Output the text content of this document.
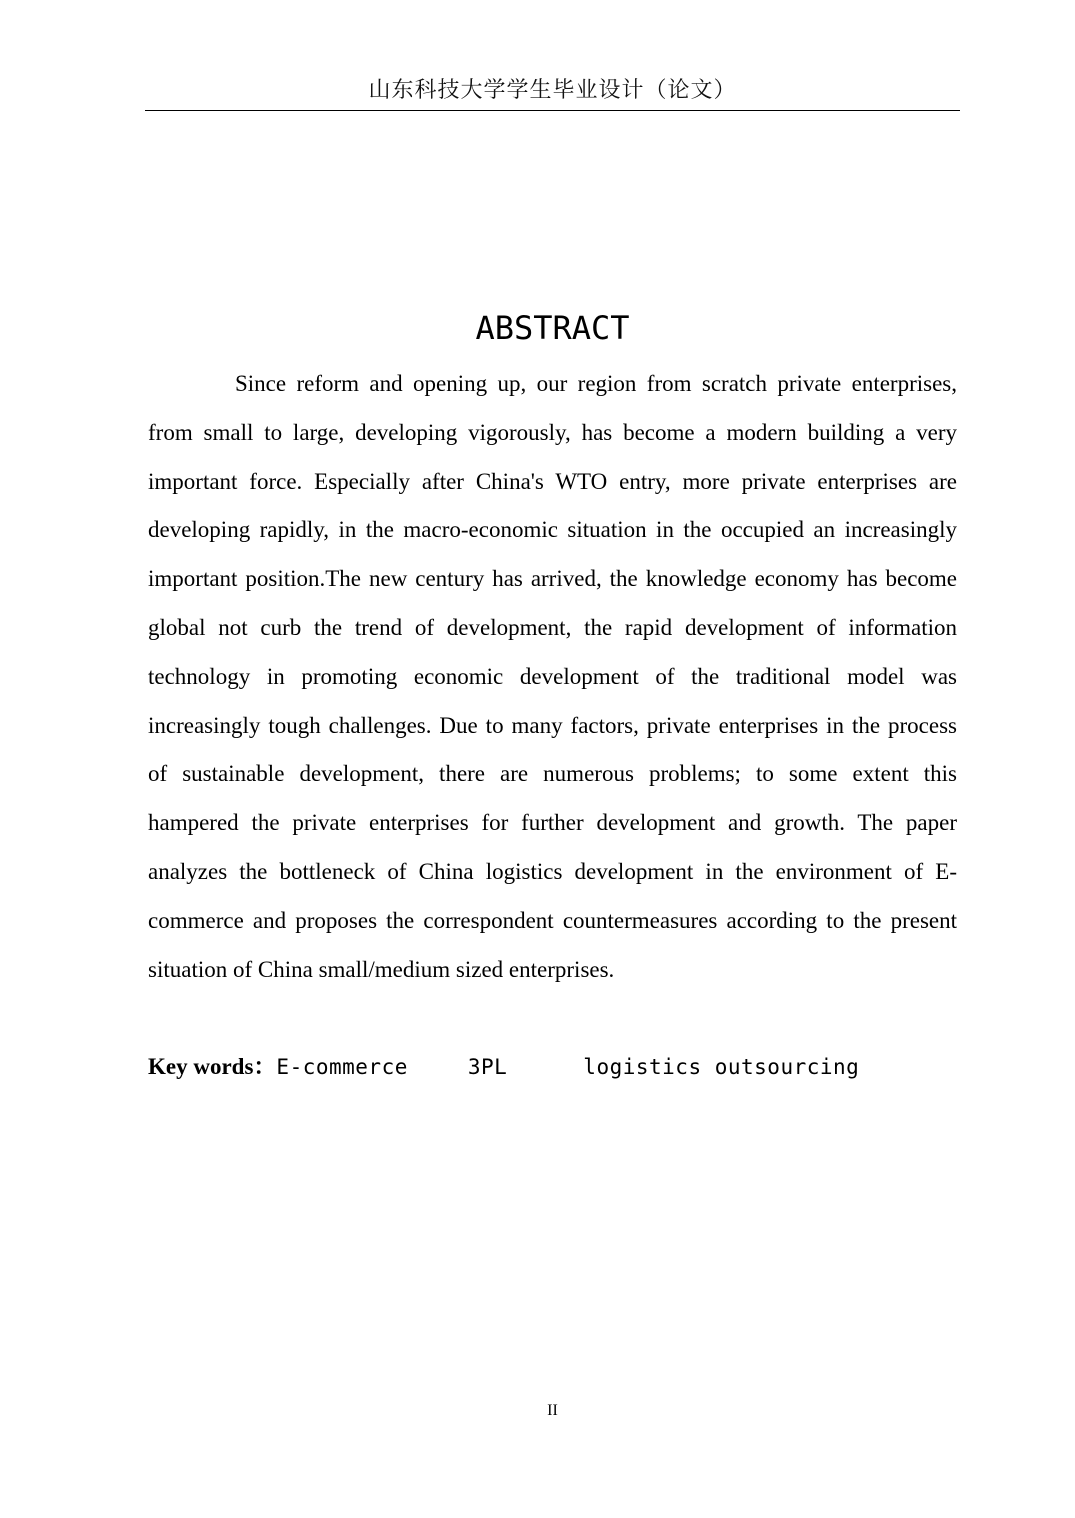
山东科技大学学生毕业设计（论文）
ABSTRACT

Since reform and opening up, our region from scratch private enterprises, from small to large, developing vigorously, has become a modern building a very important force. Especially after China's WTO entry, more private enterprises are developing rapidly, in the macro-economic situation in the occupied an increasingly important position.The new century has arrived, the knowledge economy has become global not curb the trend of development, the rapid development of information technology in promoting economic development of the traditional model was increasingly tough challenges. Due to many factors, private enterprises in the process of sustainable development, there are numerous problems; to some extent this hampered the private enterprises for further development and growth. The paper analyzes the bottleneck of China logistics development in the environment of E-commerce and proposes the correspondent countermeasures according to the present situation of China small/medium sized enterprises.

Key words：E-commerce	3PL	logistics outsourcing
II
